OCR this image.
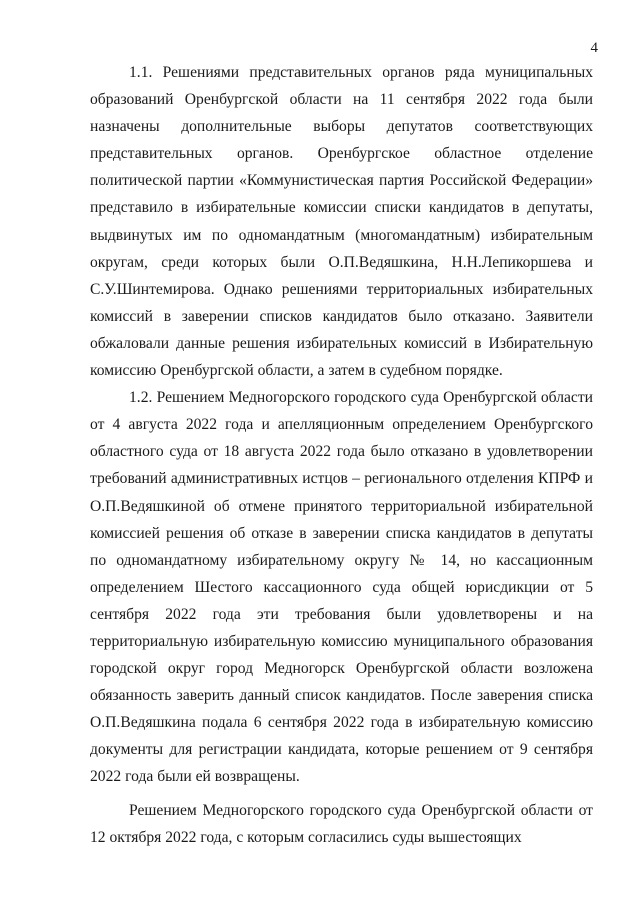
4

1.1. Решениями представительных органов ряда муниципальных образований Оренбургской области на 11 сентября 2022 года были назначены дополнительные выборы депутатов соответствующих представительных органов. Оренбургское областное отделение политической партии «Коммунистическая партия Российской Федерации» представило в избирательные комиссии списки кандидатов в депутаты, выдвинутых им по одномандатным (многомандатным) избирательным округам, среди которых были О.П.Ведяшкина, Н.Н.Лепикоршева и С.У.Шинтемирова. Однако решениями территориальных избирательных комиссий в заверении списков кандидатов было отказано. Заявители обжаловали данные решения избирательных комиссий в Избирательную комиссию Оренбургской области, а затем в судебном порядке.

1.2. Решением Медногорского городского суда Оренбургской области от 4 августа 2022 года и апелляционным определением Оренбургского областного суда от 18 августа 2022 года было отказано в удовлетворении требований административных истцов – регионального отделения КПРФ и О.П.Ведяшкиной об отмене принятого территориальной избирательной комиссией решения об отказе в заверении списка кандидатов в депутаты по одномандатному избирательному округу № 14, но кассационным определением Шестого кассационного суда общей юрисдикции от 5 сентября 2022 года эти требования были удовлетворены и на территориальную избирательную комиссию муниципального образования городской округ город Медногорск Оренбургской области возложена обязанность заверить данный список кандидатов. После заверения списка О.П.Ведяшкина подала 6 сентября 2022 года в избирательную комиссию документы для регистрации кандидата, которые решением от 9 сентября 2022 года были ей возвращены.

Решением Медногорского городского суда Оренбургской области от 12 октября 2022 года, с которым согласились суды вышестоящих
